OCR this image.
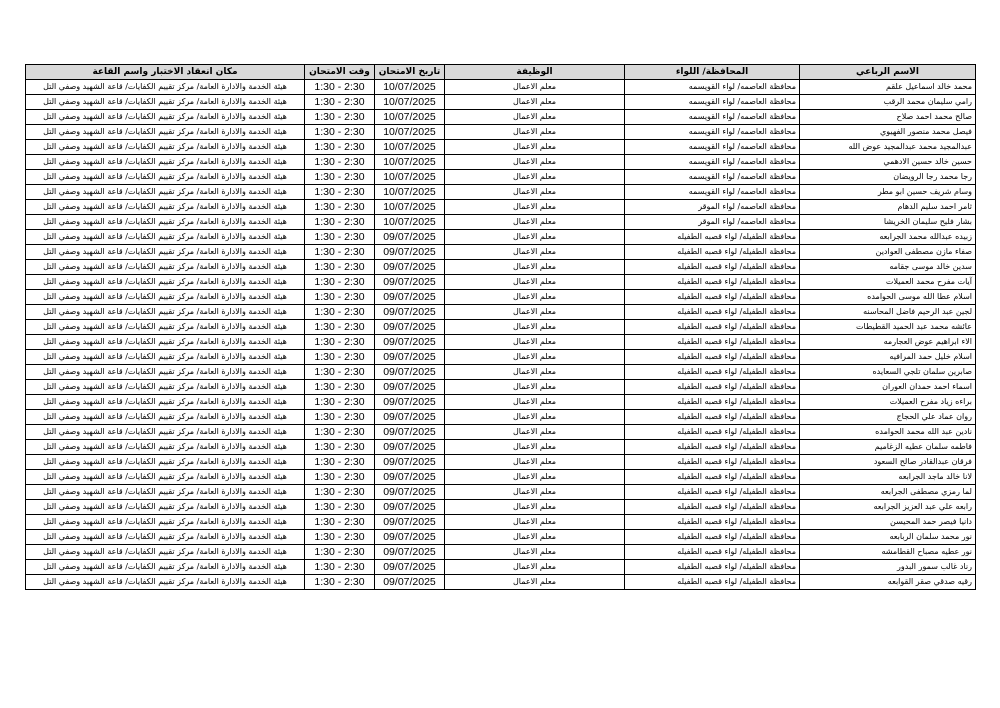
الاسم الرباعي	المحافظة/ اللواء	الوظيفة	تاريخ الامتحان	وقت الامتحان	مكان انعقاد الاختبار واسم القاعة
محمد خالد اسماعيل علقم	محافظة العاصمه/ لواء القويسمه	معلم الاعمال	10/07/2025	1:30 - 2:30	هيئة الخدمة والادارة العامة/ مركز تقييم الكفايات/ قاعة الشهيد وصفي التل
رامي سليمان محمد الرقب	محافظة العاصمه/ لواء القويسمه	معلم الاعمال	10/07/2025	1:30 - 2:30	هيئة الخدمة والادارة العامة/ مركز تقييم الكفايات/ قاعة الشهيد وصفي التل
صالح محمد احمد صلاح	محافظة العاصمه/ لواء القويسمه	معلم الاعمال	10/07/2025	1:30 - 2:30	هيئة الخدمة والادارة العامة/ مركز تقييم الكفايات/ قاعة الشهيد وصفي التل
فيصل محمد منصور الفهيوي	محافظة العاصمه/ لواء القويسمه	معلم الاعمال	10/07/2025	1:30 - 2:30	هيئة الخدمة والادارة العامة/ مركز تقييم الكفايات/ قاعة الشهيد وصفي التل
عبدالمجيد محمد عبدالمجيد عوض الله	محافظة العاصمه/ لواء القويسمه	معلم الاعمال	10/07/2025	1:30 - 2:30	هيئة الخدمة والادارة العامة/ مركز تقييم الكفايات/ قاعة الشهيد وصفي التل
حسين خالد حسين الادهمي	محافظة العاصمه/ لواء القويسمه	معلم الاعمال	10/07/2025	1:30 - 2:30	هيئة الخدمة والادارة العامة/ مركز تقييم الكفايات/ قاعة الشهيد وصفي التل
رجا محمد رجا الرويضان	محافظة العاصمه/ لواء القويسمه	معلم الاعمال	10/07/2025	1:30 - 2:30	هيئة الخدمة والادارة العامة/ مركز تقييم الكفايات/ قاعة الشهيد وصفي التل
وسام شريف حسين ابو مطر	محافظة العاصمه/ لواء القويسمه	معلم الاعمال	10/07/2025	1:30 - 2:30	هيئة الخدمة والادارة العامة/ مركز تقييم الكفايات/ قاعة الشهيد وصفي التل
ثامر احمد سليم الدهام	محافظة العاصمه/ لواء الموقر	معلم الاعمال	10/07/2025	1:30 - 2:30	هيئة الخدمة والادارة العامة/ مركز تقييم الكفايات/ قاعة الشهيد وصفي التل
بشار فليح سليمان الخريشا	محافظة العاصمه/ لواء الموقر	معلم الاعمال	10/07/2025	1:30 - 2:30	هيئة الخدمة والادارة العامة/ مركز تقييم الكفايات/ قاعة الشهيد وصفي التل
زبيده عبدالله محمد الجرابعه	محافظة الطفيله/ لواء قصبه الطفيله	معلم الاعمال	09/07/2025	1:30 - 2:30	هيئة الخدمة والادارة العامة/ مركز تقييم الكفايات/ قاعة الشهيد وصفي التل
صفاء مازن مصطفى العوادين	محافظة الطفيله/ لواء قصبه الطفيله	معلم الاعمال	09/07/2025	1:30 - 2:30	هيئة الخدمة والادارة العامة/ مركز تقييم الكفايات/ قاعة الشهيد وصفي التل
سدين خالد موسى جقامه	محافظة الطفيله/ لواء قصبه الطفيله	معلم الاعمال	09/07/2025	1:30 - 2:30	هيئة الخدمة والادارة العامة/ مركز تقييم الكفايات/ قاعة الشهيد وصفي التل
آيات مفرح محمد العميلات	محافظة الطفيله/ لواء قصبه الطفيله	معلم الاعمال	09/07/2025	1:30 - 2:30	هيئة الخدمة والادارة العامة/ مركز تقييم الكفايات/ قاعة الشهيد وصفي التل
اسلام عطا الله موسى الحوامده	محافظة الطفيله/ لواء قصبه الطفيله	معلم الاعمال	09/07/2025	1:30 - 2:30	هيئة الخدمة والادارة العامة/ مركز تقييم الكفايات/ قاعة الشهيد وصفي التل
لجين عبد الرحيم فاضل المحاسنه	محافظة الطفيله/ لواء قصبه الطفيله	معلم الاعمال	09/07/2025	1:30 - 2:30	هيئة الخدمة والادارة العامة/ مركز تقييم الكفايات/ قاعة الشهيد وصفي التل
عائشه محمد عبد الحميد القطيطات	محافظة الطفيله/ لواء قصبه الطفيله	معلم الاعمال	09/07/2025	1:30 - 2:30	هيئة الخدمة والادارة العامة/ مركز تقييم الكفايات/ قاعة الشهيد وصفي التل
الاء ابراهيم عوض العجارمه	محافظة الطفيله/ لواء قصبه الطفيله	معلم الاعمال	09/07/2025	1:30 - 2:30	هيئة الخدمة والادارة العامة/ مركز تقييم الكفايات/ قاعة الشهيد وصفي التل
اسلام خليل حمد المرافيه	محافظة الطفيله/ لواء قصبه الطفيله	معلم الاعمال	09/07/2025	1:30 - 2:30	هيئة الخدمة والادارة العامة/ مركز تقييم الكفايات/ قاعة الشهيد وصفي التل
صابرين سلمان تلجي السعايده	محافظة الطفيله/ لواء قصبه الطفيله	معلم الاعمال	09/07/2025	1:30 - 2:30	هيئة الخدمة والادارة العامة/ مركز تقييم الكفايات/ قاعة الشهيد وصفي التل
اسماء احمد حمدان العوران	محافظة الطفيله/ لواء قصبه الطفيله	معلم الاعمال	09/07/2025	1:30 - 2:30	هيئة الخدمة والادارة العامة/ مركز تقييم الكفايات/ قاعة الشهيد وصفي التل
براءه زياد مفرح العميلات	محافظة الطفيله/ لواء قصبه الطفيله	معلم الاعمال	09/07/2025	1:30 - 2:30	هيئة الخدمة والادارة العامة/ مركز تقييم الكفايات/ قاعة الشهيد وصفي التل
روان عماد علي الحجاج	محافظة الطفيله/ لواء قصبه الطفيله	معلم الاعمال	09/07/2025	1:30 - 2:30	هيئة الخدمة والادارة العامة/ مركز تقييم الكفايات/ قاعة الشهيد وصفي التل
نادين عبد الله محمد الحوامده	محافظة الطفيله/ لواء قصبه الطفيله	معلم الاعمال	09/07/2025	1:30 - 2:30	هيئة الخدمة والادارة العامة/ مركز تقييم الكفايات/ قاعة الشهيد وصفي التل
فاطمه سلمان عطيه الزغاميم	محافظة الطفيله/ لواء قصبه الطفيله	معلم الاعمال	09/07/2025	1:30 - 2:30	هيئة الخدمة والادارة العامة/ مركز تقييم الكفايات/ قاعة الشهيد وصفي التل
فرقان عبدالقادر صالح السعود	محافظة الطفيله/ لواء قصبه الطفيله	معلم الاعمال	09/07/2025	1:30 - 2:30	هيئة الخدمة والادارة العامة/ مركز تقييم الكفايات/ قاعة الشهيد وصفي التل
لانا خالد ماجد الجرابعه	محافظة الطفيله/ لواء قصبه الطفيله	معلم الاعمال	09/07/2025	1:30 - 2:30	هيئة الخدمة والادارة العامة/ مركز تقييم الكفايات/ قاعة الشهيد وصفي التل
لما رمزي مصطفى الجرابعه	محافظة الطفيله/ لواء قصبه الطفيله	معلم الاعمال	09/07/2025	1:30 - 2:30	هيئة الخدمة والادارة العامة/ مركز تقييم الكفايات/ قاعة الشهيد وصفي التل
رابعه علي عبد العزيز الجرابعه	محافظة الطفيله/ لواء قصبه الطفيله	معلم الاعمال	09/07/2025	1:30 - 2:30	هيئة الخدمة والادارة العامة/ مركز تقييم الكفايات/ قاعة الشهيد وصفي التل
دانيا فيصر حمد المحيسن	محافظة الطفيله/ لواء قصبه الطفيله	معلم الاعمال	09/07/2025	1:30 - 2:30	هيئة الخدمة والادارة العامة/ مركز تقييم الكفايات/ قاعة الشهيد وصفي التل
نور محمد سلمان الربابعه	محافظة الطفيله/ لواء قصبه الطفيله	معلم الاعمال	09/07/2025	1:30 - 2:30	هيئة الخدمة والادارة العامة/ مركز تقييم الكفايات/ قاعة الشهيد وصفي التل
نور عطيه مصباح القطامشه	محافظة الطفيله/ لواء قصبه الطفيله	معلم الاعمال	09/07/2025	1:30 - 2:30	هيئة الخدمة والادارة العامة/ مركز تقييم الكفايات/ قاعة الشهيد وصفي التل
رناد غالب سمور البدور	محافظة الطفيله/ لواء قصبه الطفيله	معلم الاعمال	09/07/2025	1:30 - 2:30	هيئة الخدمة والادارة العامة/ مركز تقييم الكفايات/ قاعة الشهيد وصفي التل
رقيه صدقي صقر القوابعه	محافظة الطفيله/ لواء قصبه الطفيله	معلم الاعمال	09/07/2025	1:30 - 2:30	هيئة الخدمة والادارة العامة/ مركز تقييم الكفايات/ قاعة الشهيد وصفي التل
